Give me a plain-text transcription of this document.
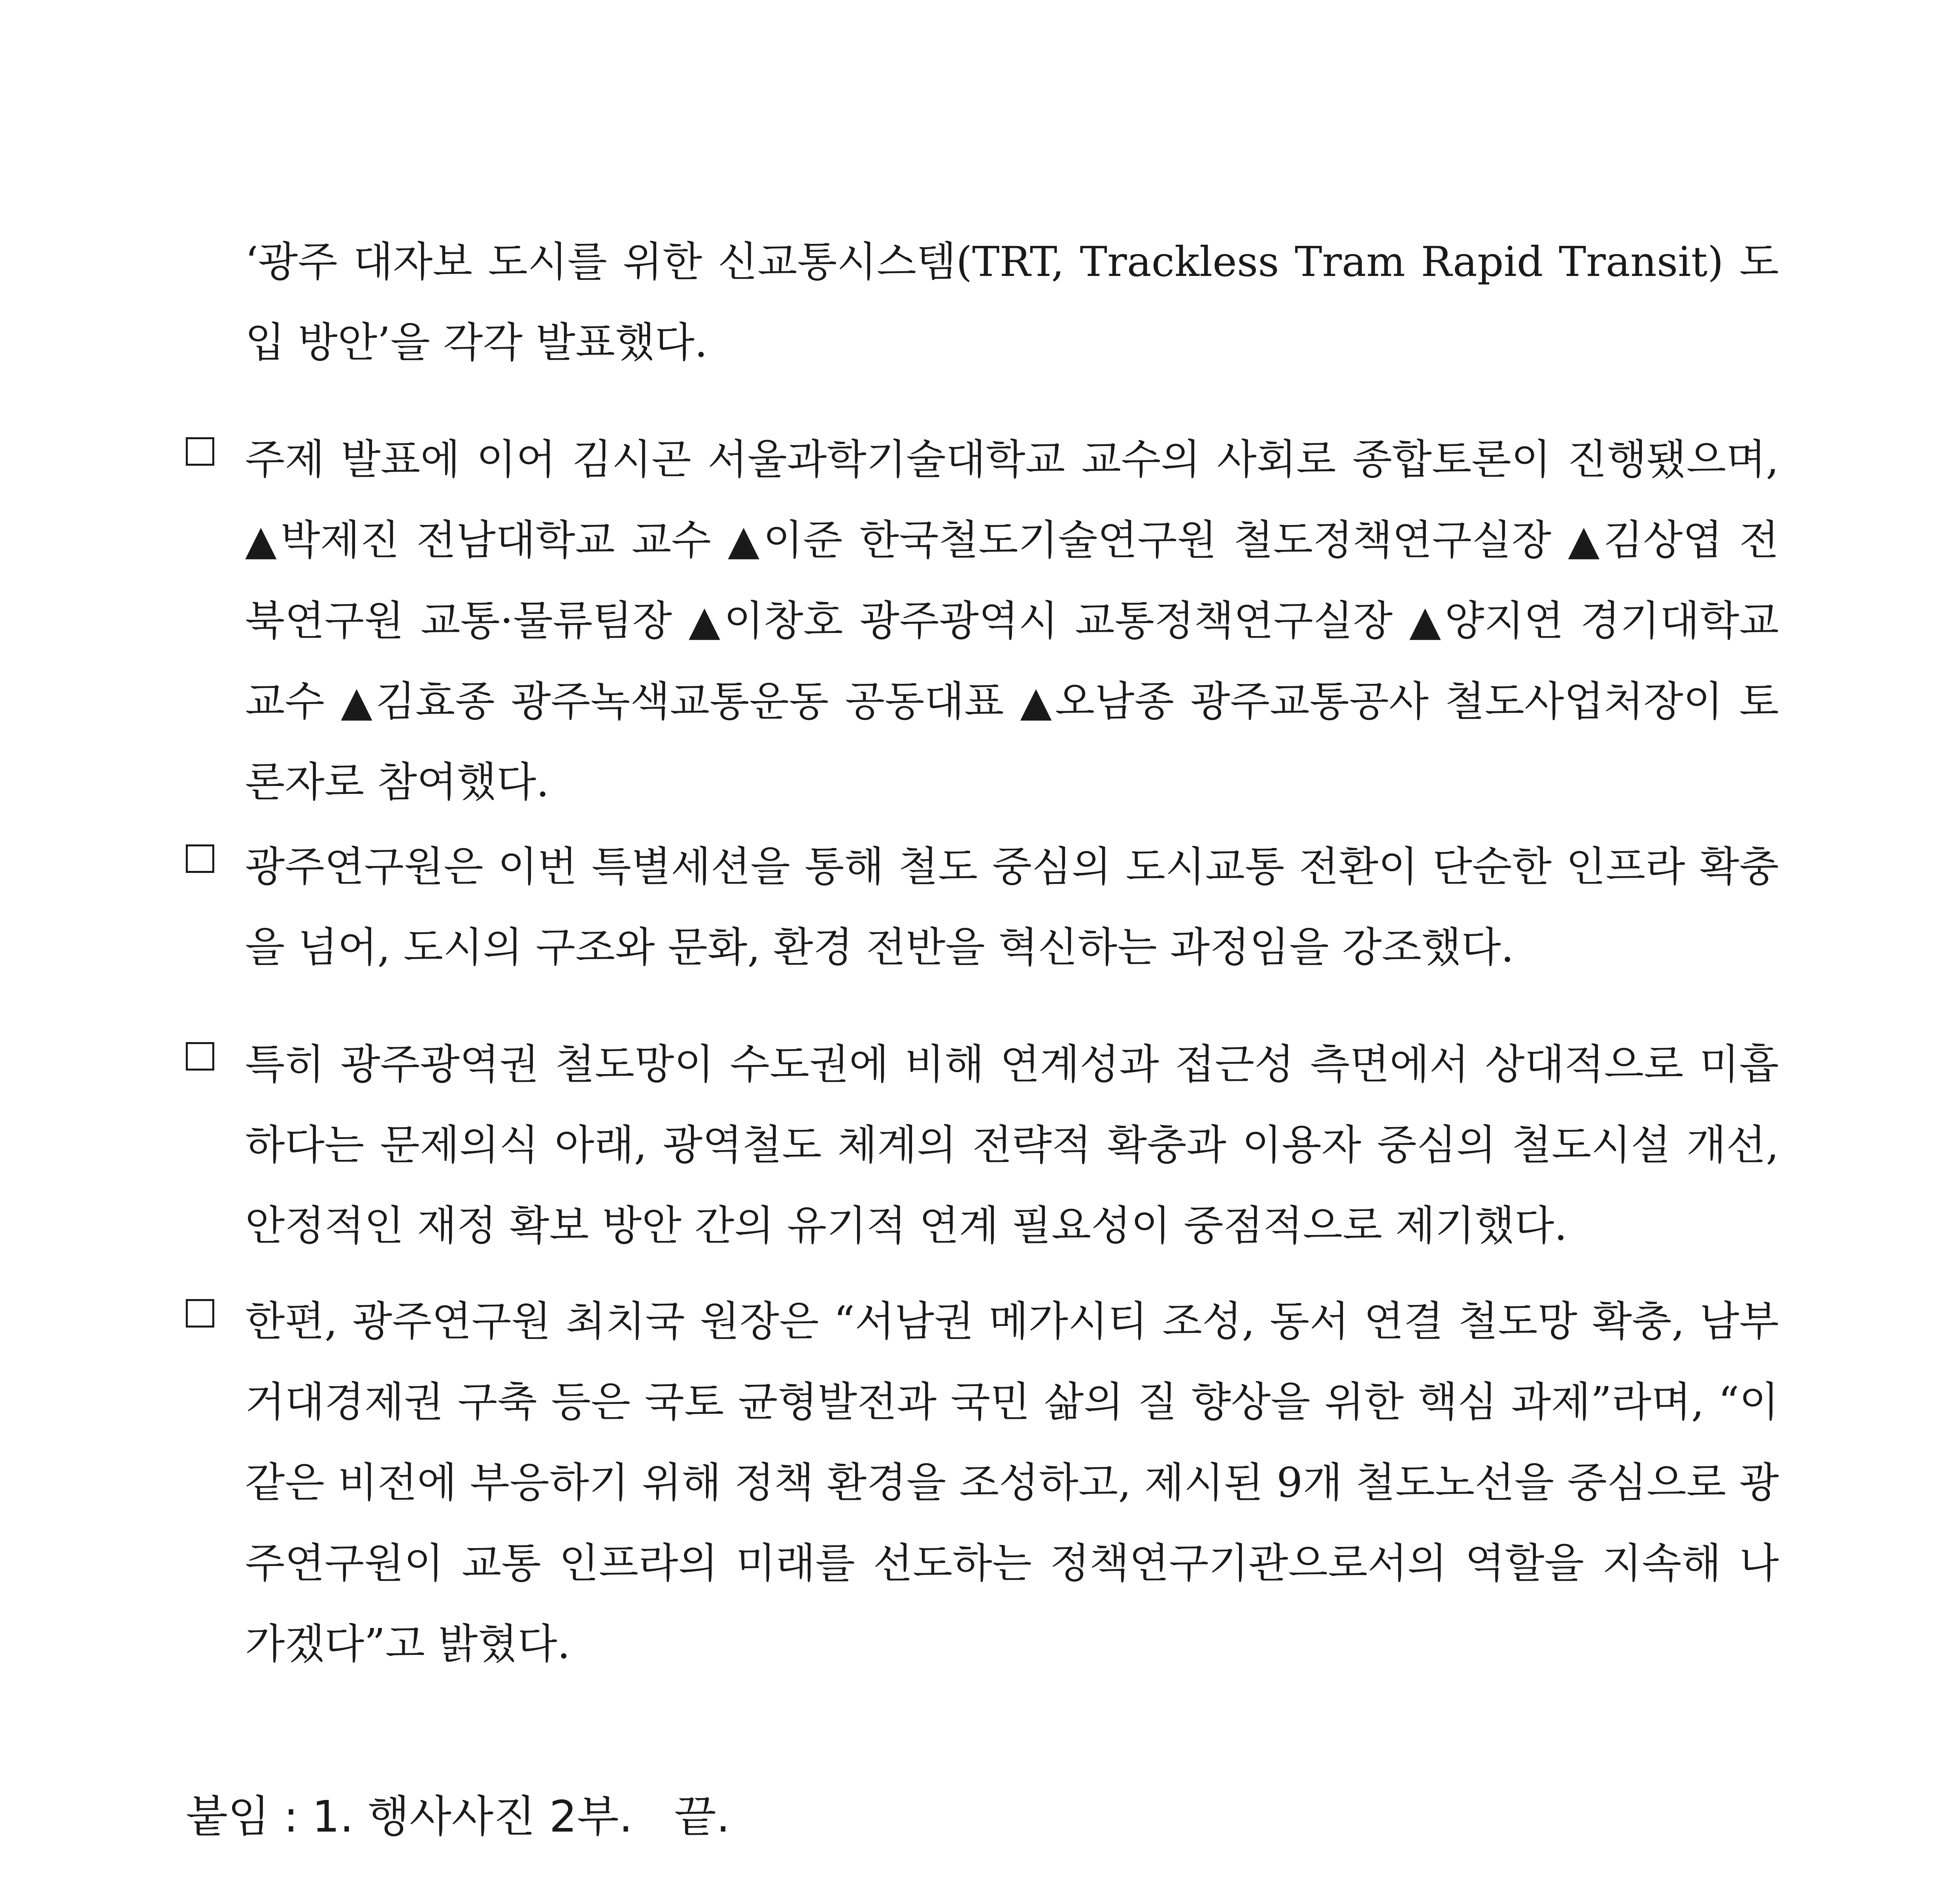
‘광주 대자보 도시를 위한 신교통시스템(TRT, Trackless Tram Rapid Transit) 도입 방안’을 각각 발표했다.

주제 발표에 이어 김시곤 서울과학기술대학교 교수의 사회로 종합토론이 진행됐으며, ▲박제진 전남대학교 교수 ▲이준 한국철도기술연구원 철도정책연구실장 ▲김상엽 전북연구원 교통·물류팀장 ▲이창호 광주광역시 교통정책연구실장 ▲양지연 경기대학교 교수 ▲김효종 광주녹색교통운동 공동대표 ▲오남종 광주교통공사 철도사업처장이 토론자로 참여했다.

광주연구원은 이번 특별세션을 통해 철도 중심의 도시교통 전환이 단순한 인프라 확충을 넘어, 도시의 구조와 문화, 환경 전반을 혁신하는 과정임을 강조했다.

특히 광주광역권 철도망이 수도권에 비해 연계성과 접근성 측면에서 상대적으로 미흡하다는 문제의식 아래, 광역철도 체계의 전략적 확충과 이용자 중심의 철도시설 개선, 안정적인 재정 확보 방안 간의 유기적 연계 필요성이 중점적으로 제기했다.

한편, 광주연구원 최치국 원장은 “서남권 메가시티 조성, 동서 연결 철도망 확충, 남부거대경제권 구축 등은 국토 균형발전과 국민 삶의 질 향상을 위한 핵심 과제”라며, “이같은 비전에 부응하기 위해 정책 환경을 조성하고, 제시된 9개 철도노선을 중심으로 광주연구원이 교통 인프라의 미래를 선도하는 정책연구기관으로서의 역할을 지속해 나가겠다”고 밝혔다.

붙임 : 1. 행사사진 2부.   끝.
